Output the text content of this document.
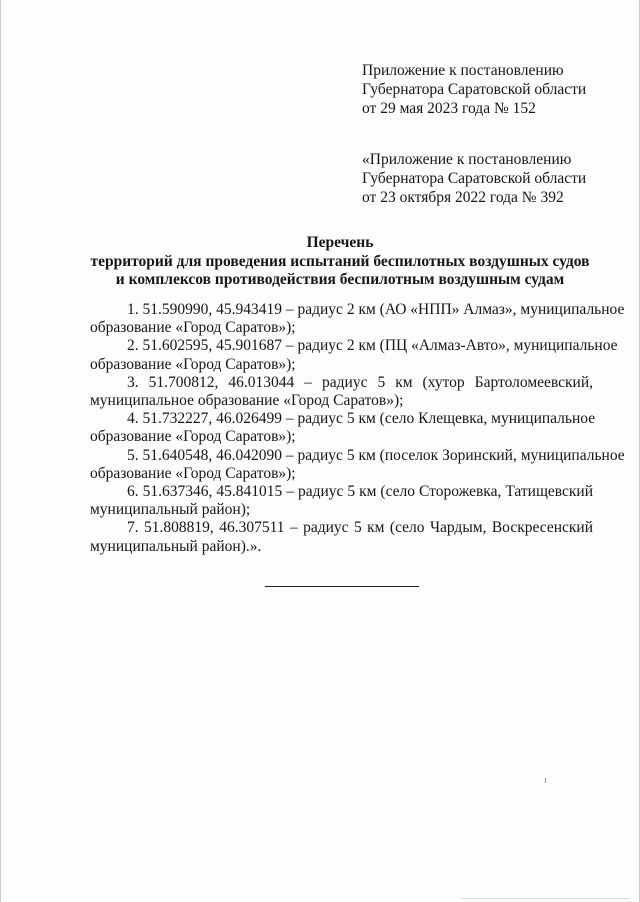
Приложение к постановлению
Губернатора Саратовской области
от 29 мая 2023 года № 152
«Приложение к постановлению
Губернатора Саратовской области
от 23 октября 2022 года № 392
Перечень
территорий для проведения испытаний беспилотных воздушных судов
и комплексов противодействия беспилотным воздушным судам
1. 51.590990, 45.943419 – радиус 2 км (АО «НПП» Алмаз», муниципальное
образование «Город Саратов»);
2. 51.602595, 45.901687 – радиус 2 км (ПЦ «Алмаз-Авто», муниципальное
образование «Город Саратов»);
3. 51.700812, 46.013044 – радиус 5 км (хутор Бартоломеевский,
муниципальное образование «Город Саратов»);
4. 51.732227, 46.026499 – радиус 5 км (село Клещевка, муниципальное
образование «Город Саратов»);
5. 51.640548, 46.042090 – радиус 5 км (поселок Зоринский, муниципальное
образование «Город Саратов»);
6. 51.637346, 45.841015 – радиус 5 км (село Сторожевка, Татищевский
муниципальный район);
7. 51.808819, 46.307511 – радиус 5 км (село Чардым, Воскресенский
муниципальный район).».
